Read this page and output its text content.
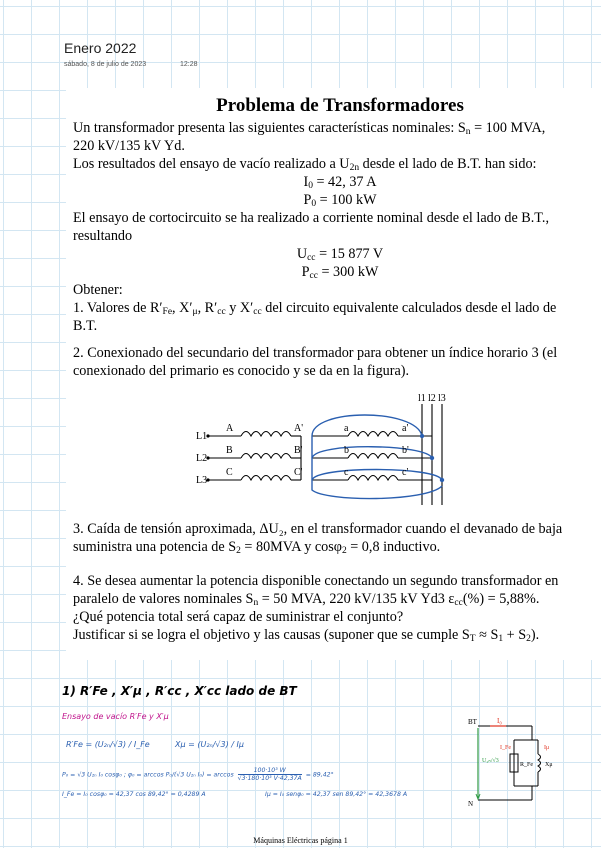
Enero 2022
sábado, 8 de julio de 2023	12:28
Problema de Transformadores
Un transformador presenta las siguientes características nominales: $S_n = 100$ MVA,
220 kV/135 kV Yd.
Los resultados del ensayo de vacío realizado a $U_{2n}$ desde el lado de B.T. han sido:
$I_0 = 42$, 37 A
$P_0 = 100$ kW
El ensayo de cortocircuito se ha realizado a corriente nominal desde el lado de B.T.,
resultando
$U_{cc} = 15$ 877 V
$P_{cc} = 300$ kW
Obtener:
1. Valores de $R'_{Fe}$, $X'_\mu$, $R'_{cc}$ y $X'_{cc}$ del circuito equivalente calculados desde el lado de
B.T.
2. Conexionado del secundario del transformador para obtener un índice horario 3 (el
conexionado del primario es conocido y se da en la figura).
L1
L2
L3
A
B
C
A'
B'
C'
a
b
c
a'
b'
c'
l1 l2 l3
3. Caída de tensión aproximada, ΔU₂, en el transformador cuando el devanado de baja
suministra una potencia de $S_2 = 80MVA$ y cosφ$_2$ = 0,8 inductivo.
4. Se desea aumentar la potencia disponible conectando un segundo transformador en
paralelo de valores nominales $S_n = 50$ MVA, 220 kV/135 kV Yd3 $\varepsilon_{cc}(\%) = 5,88\%$.
¿Qué potencia total será capaz de suministrar el conjunto?
Justificar si se logra el objetivo y las causas (suponer que se cumple $S_T \approx S_1 + S_2$).
1) R′Fe , X′μ , R′cc , X′cc lado de BT
Ensayo de vacío R′Fe y X′μ
R′Fe = (U₂ₙ/√3) / I_Fe	Xμ = (U₂ₙ/√3) / Iμ
P₀ = √3 U₂ₙ I₀ cosφ₀ ; φ₀ = arccos P₀/(√3 U₂ₙ $I_0) = \arccos \frac{\text{100·10³ W}}{\text{√3·180·10³ V·42,37A}} = 89,42^\circ$
I_Fe = I₀ cosφ₀ = 42,37 cos 89,42° = 0,4289 A	Iμ = I₀ senφ₀ = 42,37 sen 89,42° = 42,3678 A
BT	I₀
I_Fe	Iμ
U₂ₙ/√3
R_Fe Xμ
N
Máquinas Eléctricas página 1
